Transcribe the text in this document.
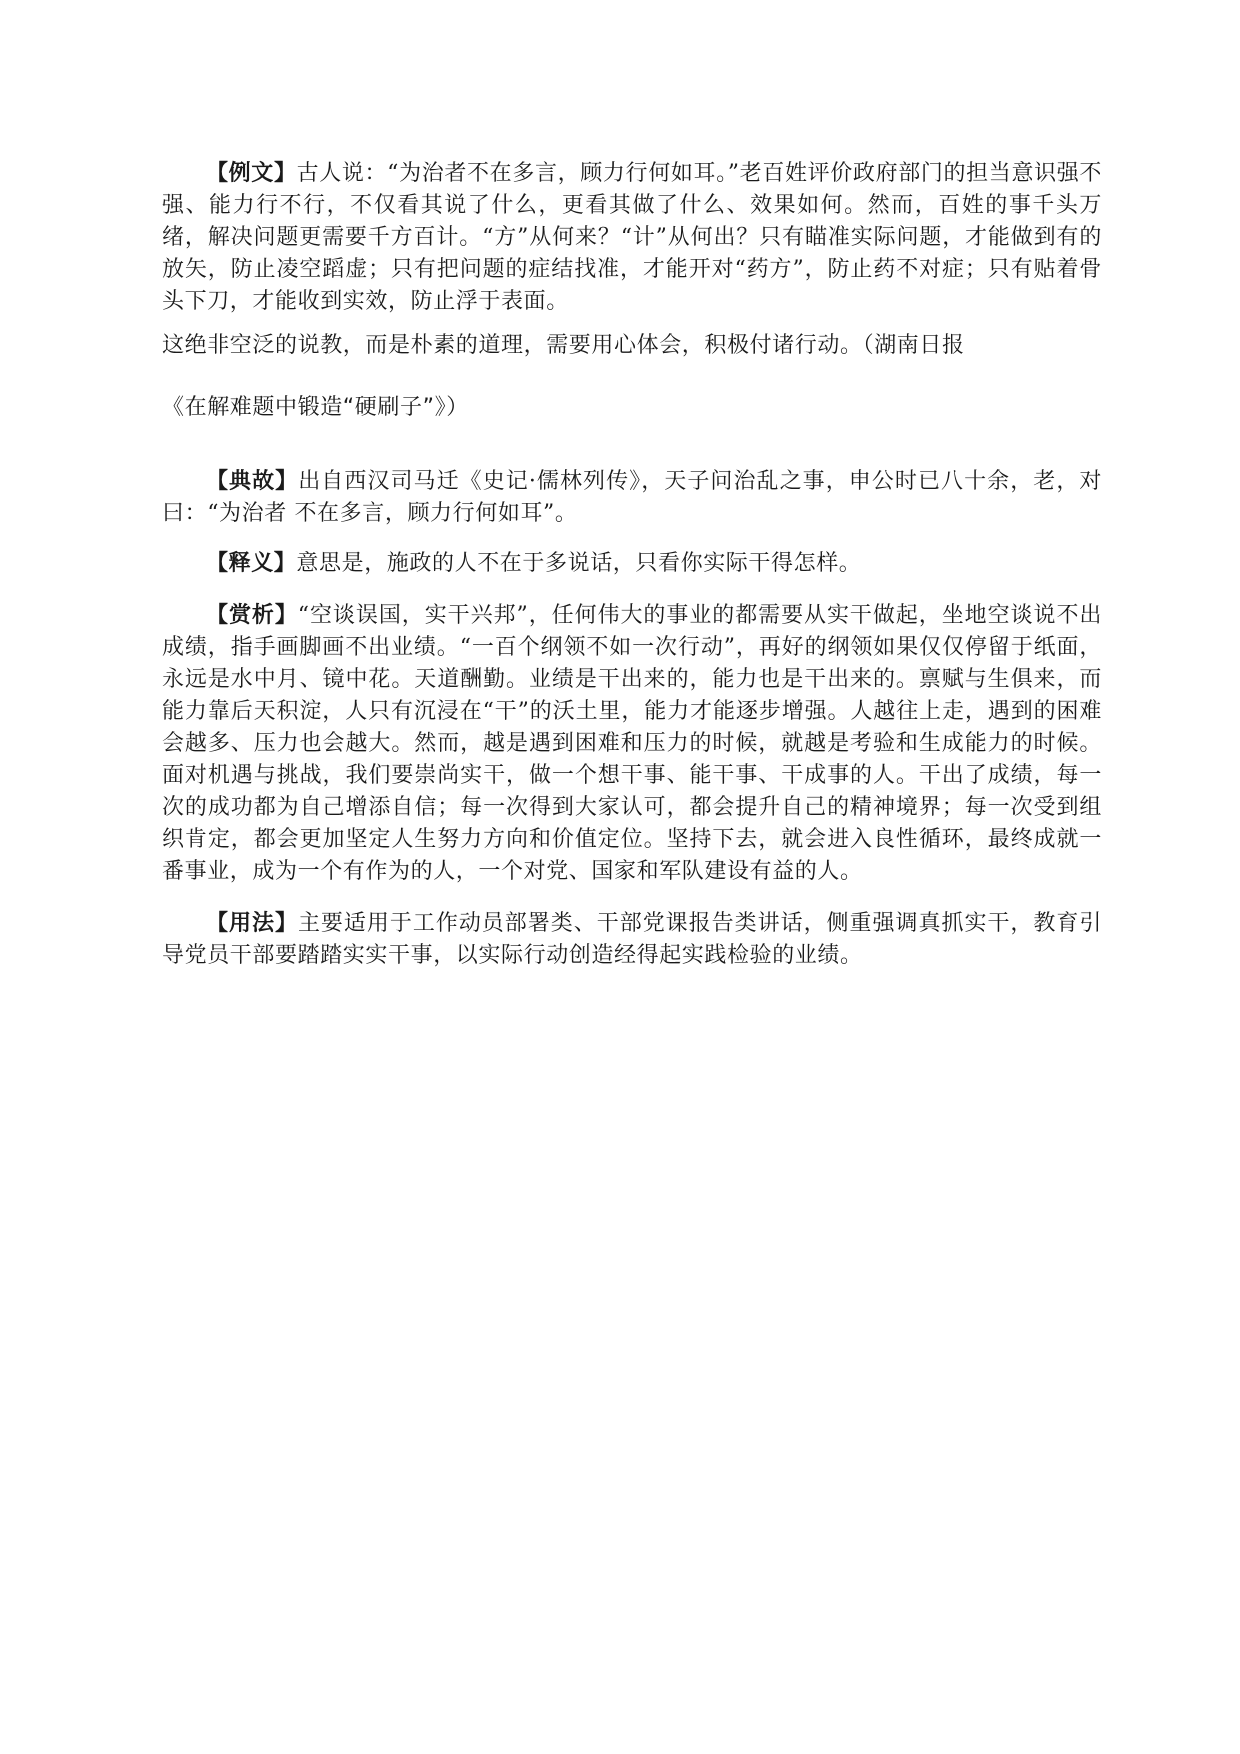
【例文】古人说：“为治者不在多言，顾力行何如耳。”老百姓评价政府部门的担当意识强不强、能力行不行，不仅看其说了什么，更看其做了什么、效果如何。然而，百姓的事千头万绪，解决问题更需要千方百计。“方”从何来？“计”从何出？只有瞄准实际问题，才能做到有的放矢，防止凌空蹈虚；只有把问题的症结找准，才能开对“药方”，防止药不对症；只有贴着骨头下刀，才能收到实效，防止浮于表面。

这绝非空泛的说教，而是朴素的道理，需要用心体会，积极付诸行动。（湖南日报

《在解难题中锻造“硬刷子”》）

【典故】出自西汉司马迁《史记·儒林列传》，天子问治乱之事，申公时已八十余，老，对曰：“为治者 不在多言，顾力行何如耳”。

【释义】意思是，施政的人不在于多说话，只看你实际干得怎样。

【赏析】“空谈误国，实干兴邦”，任何伟大的事业的都需要从实干做起，坐地空谈说不出成绩，指手画脚画不出业绩。“一百个纲领不如一次行动”，再好的纲领如果仅仅停留于纸面，永远是水中月、镜中花。天道酬勤。业绩是干出来的，能力也是干出来的。禀赋与生俱来，而能力靠后天积淀，人只有沉浸在“干”的沃土里，能力才能逐步增强。人越往上走，遇到的困难会越多、压力也会越大。然而，越是遇到困难和压力的时候，就越是考验和生成能力的时候。面对机遇与挑战，我们要崇尚实干，做一个想干事、能干事、干成事的人。干出了成绩，每一次的成功都为自己增添自信；每一次得到大家认可，都会提升自己的精神境界；每一次受到组织肯定，都会更加坚定人生努力方向和价值定位。坚持下去，就会进入良性循环，最终成就一番事业，成为一个有作为的人，一个对党、国家和军队建设有益的人。

【用法】主要适用于工作动员部署类、干部党课报告类讲话，侧重强调真抓实干，教育引导党员干部要踏踏实实干事，以实际行动创造经得起实践检验的业绩。
